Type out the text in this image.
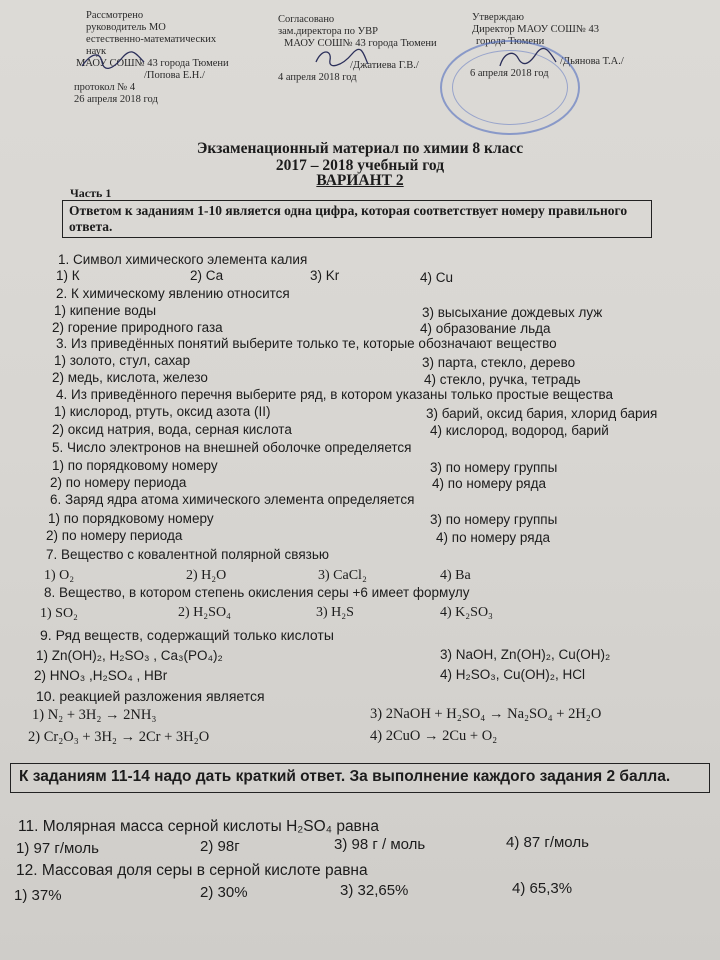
Рассмотрено
руководитель МО
естественно-математических
наук
МАОУ СОШ№ 43 города Тюмени
/Попова Е.Н./
протокол № 4
26 апреля 2018 год
Согласовано
зам.директора по УВР
МАОУ СОШ№ 43 города Тюмени
/Джатиева Г.В./
4 апреля 2018 год
Утверждаю
Директор МАОУ СОШ№ 43
города Тюмени
/Дьянова Т.А./
6 апреля 2018 год
Экзаменационный материал по химии 8 класс
2017 – 2018 учебный год
ВАРИАНТ 2
Часть 1
Ответом к заданиям 1-10 является одна цифра, которая соответствует номеру правильного ответа.
1. Символ химического элемента калия
1) К	2) Са	3) Kr	4) Cu
2. К химическому явлению относится
1) кипение воды	3) высыхание дождевых луж
2) горение природного газа	4) образование льда
3. Из приведённых понятий выберите только те, которые обозначают вещество
1) золото, стул, сахар	3) парта, стекло, дерево
2) медь, кислота, железо	4) стекло, ручка, тетрадь
4. Из приведённого перечня выберите ряд, в котором указаны только простые вещества
1) кислород, ртуть, оксид азота (II)	3) барий, оксид бария, хлорид бария
2) оксид натрия, вода, серная кислота	4) кислород, водород, барий
5. Число электронов на внешней оболочке определяется
1) по порядковому номеру	3) по номеру группы
2) по номеру периода	4) по номеру ряда
6. Заряд ядра атома химического элемента определяется
1) по порядковому номеру	3) по номеру группы
2) по номеру периода	4) по номеру ряда
7. Вещество с ковалентной полярной связью
1) O₂	2) H₂O	3) CaCl₂	4) Ba
8. Вещество, в котором степень окисления серы +6 имеет формулу
1) SO₂	2) H₂SO₄	3) H₂S	4) K₂SO₃
9. Ряд веществ, содержащий только кислоты
1) Zn(OH)₂, H₂SO₃ , Ca₃(PO₄)₂	3) NaOH, Zn(OH)₂, Cu(OH)₂
2) HNO₃ ,H₂SO₄ , HBr	4) H₂SO₃, Cu(OH)₂, HCl
10. реакцией разложения является
1) N₂ + 3H₂ → 2NH₃	3) 2NaOH + H₂SO₄ → Na₂SO₄ + 2H₂O
2) Cr₂O₃ + 3H₂ → 2Cr + 3H₂O	4) 2CuO → 2Cu + O₂
К заданиям 11-14 надо дать краткий ответ. За выполнение каждого задания 2 балла.
11. Молярная масса серной кислоты H₂SO₄ равна
1) 97 г/моль	2) 98г	3) 98 г / моль	4) 87 г/моль
12. Массовая доля серы в серной кислоте равна
1) 37%	2) 30%	3) 32,65%	4) 65,3%
